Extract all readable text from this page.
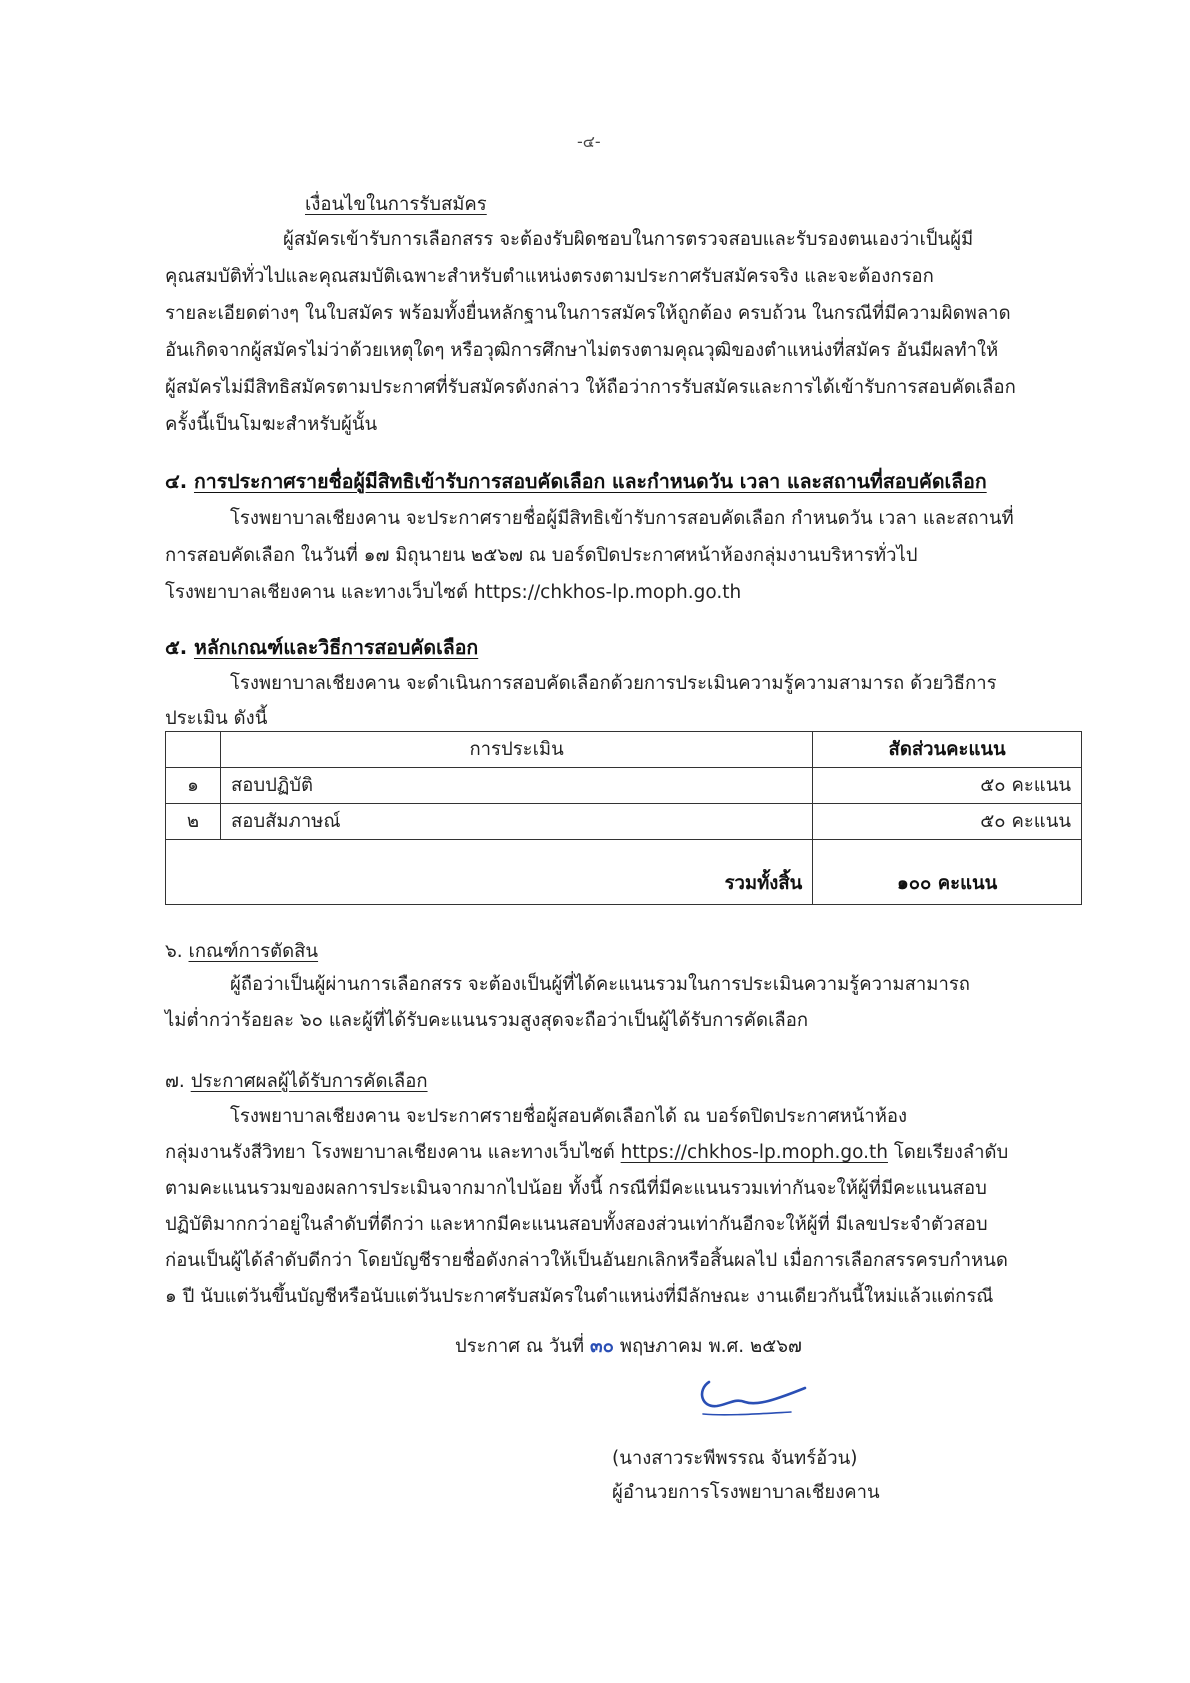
-๔-
เงื่อนไขในการรับสมัคร
ผู้สมัครเข้ารับการเลือกสรร จะต้องรับผิดชอบในการตรวจสอบและรับรองตนเองว่าเป็นผู้มี
คุณสมบัติทั่วไปและคุณสมบัติเฉพาะสำหรับตำแหน่งตรงตามประกาศรับสมัครจริง และจะต้องกรอก
รายละเอียดต่างๆ ในใบสมัคร พร้อมทั้งยื่นหลักฐานในการสมัครให้ถูกต้อง ครบถ้วน ในกรณีที่มีความผิดพลาด
อันเกิดจากผู้สมัครไม่ว่าด้วยเหตุใดๆ หรือวุฒิการศึกษาไม่ตรงตามคุณวุฒิของตำแหน่งที่สมัคร อันมีผลทำให้
ผู้สมัครไม่มีสิทธิสมัครตามประกาศที่รับสมัครดังกล่าว ให้ถือว่าการรับสมัครและการได้เข้ารับการสอบคัดเลือก
ครั้งนี้เป็นโมฆะสำหรับผู้นั้น
๔. การประกาศรายชื่อผู้มีสิทธิเข้ารับการสอบคัดเลือก และกำหนดวัน เวลา และสถานที่สอบคัดเลือก
โรงพยาบาลเชียงคาน จะประกาศรายชื่อผู้มีสิทธิเข้ารับการสอบคัดเลือก กำหนดวัน เวลา และสถานที่
การสอบคัดเลือก ในวันที่ ๑๗ มิถุนายน ๒๕๖๗ ณ บอร์ดปิดประกาศหน้าห้องกลุ่มงานบริหารทั่วไป
โรงพยาบาลเชียงคาน และทางเว็บไซต์ https://chkhos-lp.moph.go.th
๕. หลักเกณฑ์และวิธีการสอบคัดเลือก
โรงพยาบาลเชียงคาน จะดำเนินการสอบคัดเลือกด้วยการประเมินความรู้ความสามารถ ด้วยวิธีการ
ประเมิน ดังนี้
	การประเมิน	สัดส่วนคะแนน
๑	สอบปฏิบัติ	๕๐ คะแนน
๒	สอบสัมภาษณ์	๕๐ คะแนน
รวมทั้งสิ้น		๑๐๐ คะแนน
๖. เกณฑ์การตัดสิน
ผู้ถือว่าเป็นผู้ผ่านการเลือกสรร จะต้องเป็นผู้ที่ได้คะแนนรวมในการประเมินความรู้ความสามารถ
ไม่ต่ำกว่าร้อยละ ๖๐ และผู้ที่ได้รับคะแนนรวมสูงสุดจะถือว่าเป็นผู้ได้รับการคัดเลือก
๗. ประกาศผลผู้ได้รับการคัดเลือก
โรงพยาบาลเชียงคาน จะประกาศรายชื่อผู้สอบคัดเลือกได้ ณ บอร์ดปิดประกาศหน้าห้อง
กลุ่มงานรังสีวิทยา โรงพยาบาลเชียงคาน และทางเว็บไซต์ https://chkhos-lp.moph.go.th โดยเรียงลำดับ
ตามคะแนนรวมของผลการประเมินจากมากไปน้อย ทั้งนี้ กรณีที่มีคะแนนรวมเท่ากันจะให้ผู้ที่มีคะแนนสอบ
ปฏิบัติมากกว่าอยู่ในลำดับที่ดีกว่า และหากมีคะแนนสอบทั้งสองส่วนเท่ากันอีกจะให้ผู้ที่ มีเลขประจำตัวสอบ
ก่อนเป็นผู้ได้ลำดับดีกว่า โดยบัญชีรายชื่อดังกล่าวให้เป็นอันยกเลิกหรือสิ้นผลไป เมื่อการเลือกสรรครบกำหนด
๑ ปี นับแต่วันขึ้นบัญชีหรือนับแต่วันประกาศรับสมัครในตำแหน่งที่มีลักษณะ งานเดียวกันนี้ใหม่แล้วแต่กรณี
ประกาศ ณ วันที่ ๓๐ พฤษภาคม พ.ศ. ๒๕๖๗
(นางสาวระพีพรรณ จันทร์อ้วน)
ผู้อำนวยการโรงพยาบาลเชียงคาน
